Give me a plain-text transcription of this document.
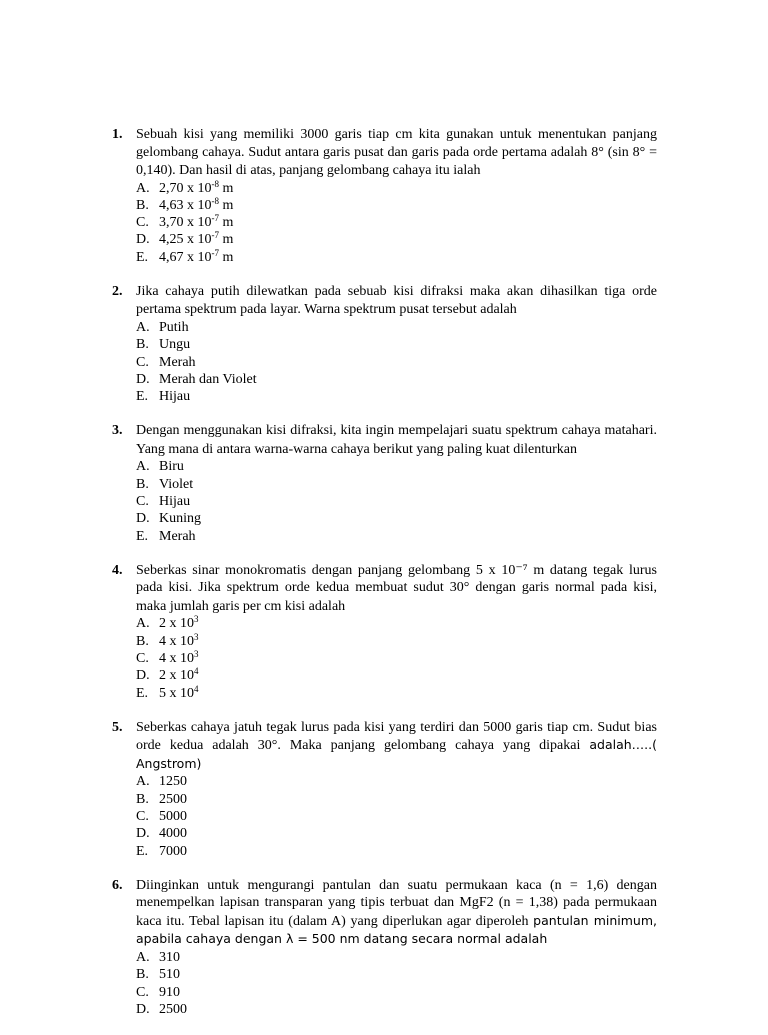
1. Sebuah kisi yang memiliki 3000 garis tiap cm kita gunakan untuk menentukan panjang gelombang cahaya. Sudut antara garis pusat dan garis pada orde pertama adalah 8° (sin 8° = 0,140). Dan hasil di atas, panjang gelombang cahaya itu ialah
A. 2,70 x $10^{-8}$ m
B. 4,63 x $10^{-8}$ m
C. 3,70 x $10^{-7}$ m
D. 4,25 x $10^{-7}$ m
E. 4,67 x $10^{-7}$ m
2. Jika cahaya putih dilewatkan pada sebuab kisi difraksi maka akan dihasilkan tiga orde pertama spektrum pada layar. Warna spektrum pusat tersebut adalah
A. Putih
B. Ungu
C. Merah
D. Merah dan Violet
E. Hijau
3. Dengan menggunakan kisi difraksi, kita ingin mempelajari suatu spektrum cahaya matahari. Yang mana di antara warna-warna cahaya berikut yang paling kuat dilenturkan
A. Biru
B. Violet
C. Hijau
D. Kuning
E. Merah
4. Seberkas sinar monokromatis dengan panjang gelombang 5 x 10⁻⁷ m datang tegak lurus pada kisi. Jika spektrum orde kedua membuat sudut 30° dengan garis normal pada kisi, maka jumlah garis per cm kisi adalah
A. 2 x $10^3$
B. 4 x $10^3$
C. 4 x $10^3$
D. 2 x $10^4$
E. 5 x $10^4$
5. Seberkas cahaya jatuh tegak lurus pada kisi yang terdiri dan 5000 garis tiap cm. Sudut bias orde kedua adalah 30°. Maka panjang gelombang cahaya yang dipakai adalah…..( Angstrom)
A. 1250
B. 2500
C. 5000
D. 4000
E. 7000
6. Diinginkan untuk mengurangi pantulan dan suatu permukaan kaca (n = 1,6) dengan menempelkan lapisan transparan yang tipis terbuat dan MgF2 (n = 1,38) pada permukaan kaca itu. Tebal lapisan itu (dalam A) yang diperlukan agar diperoleh pantulan minimum, apabila cahaya dengan λ = 500 nm datang secara normal adalah
A. 310
B. 510
C. 910
D. 2500
